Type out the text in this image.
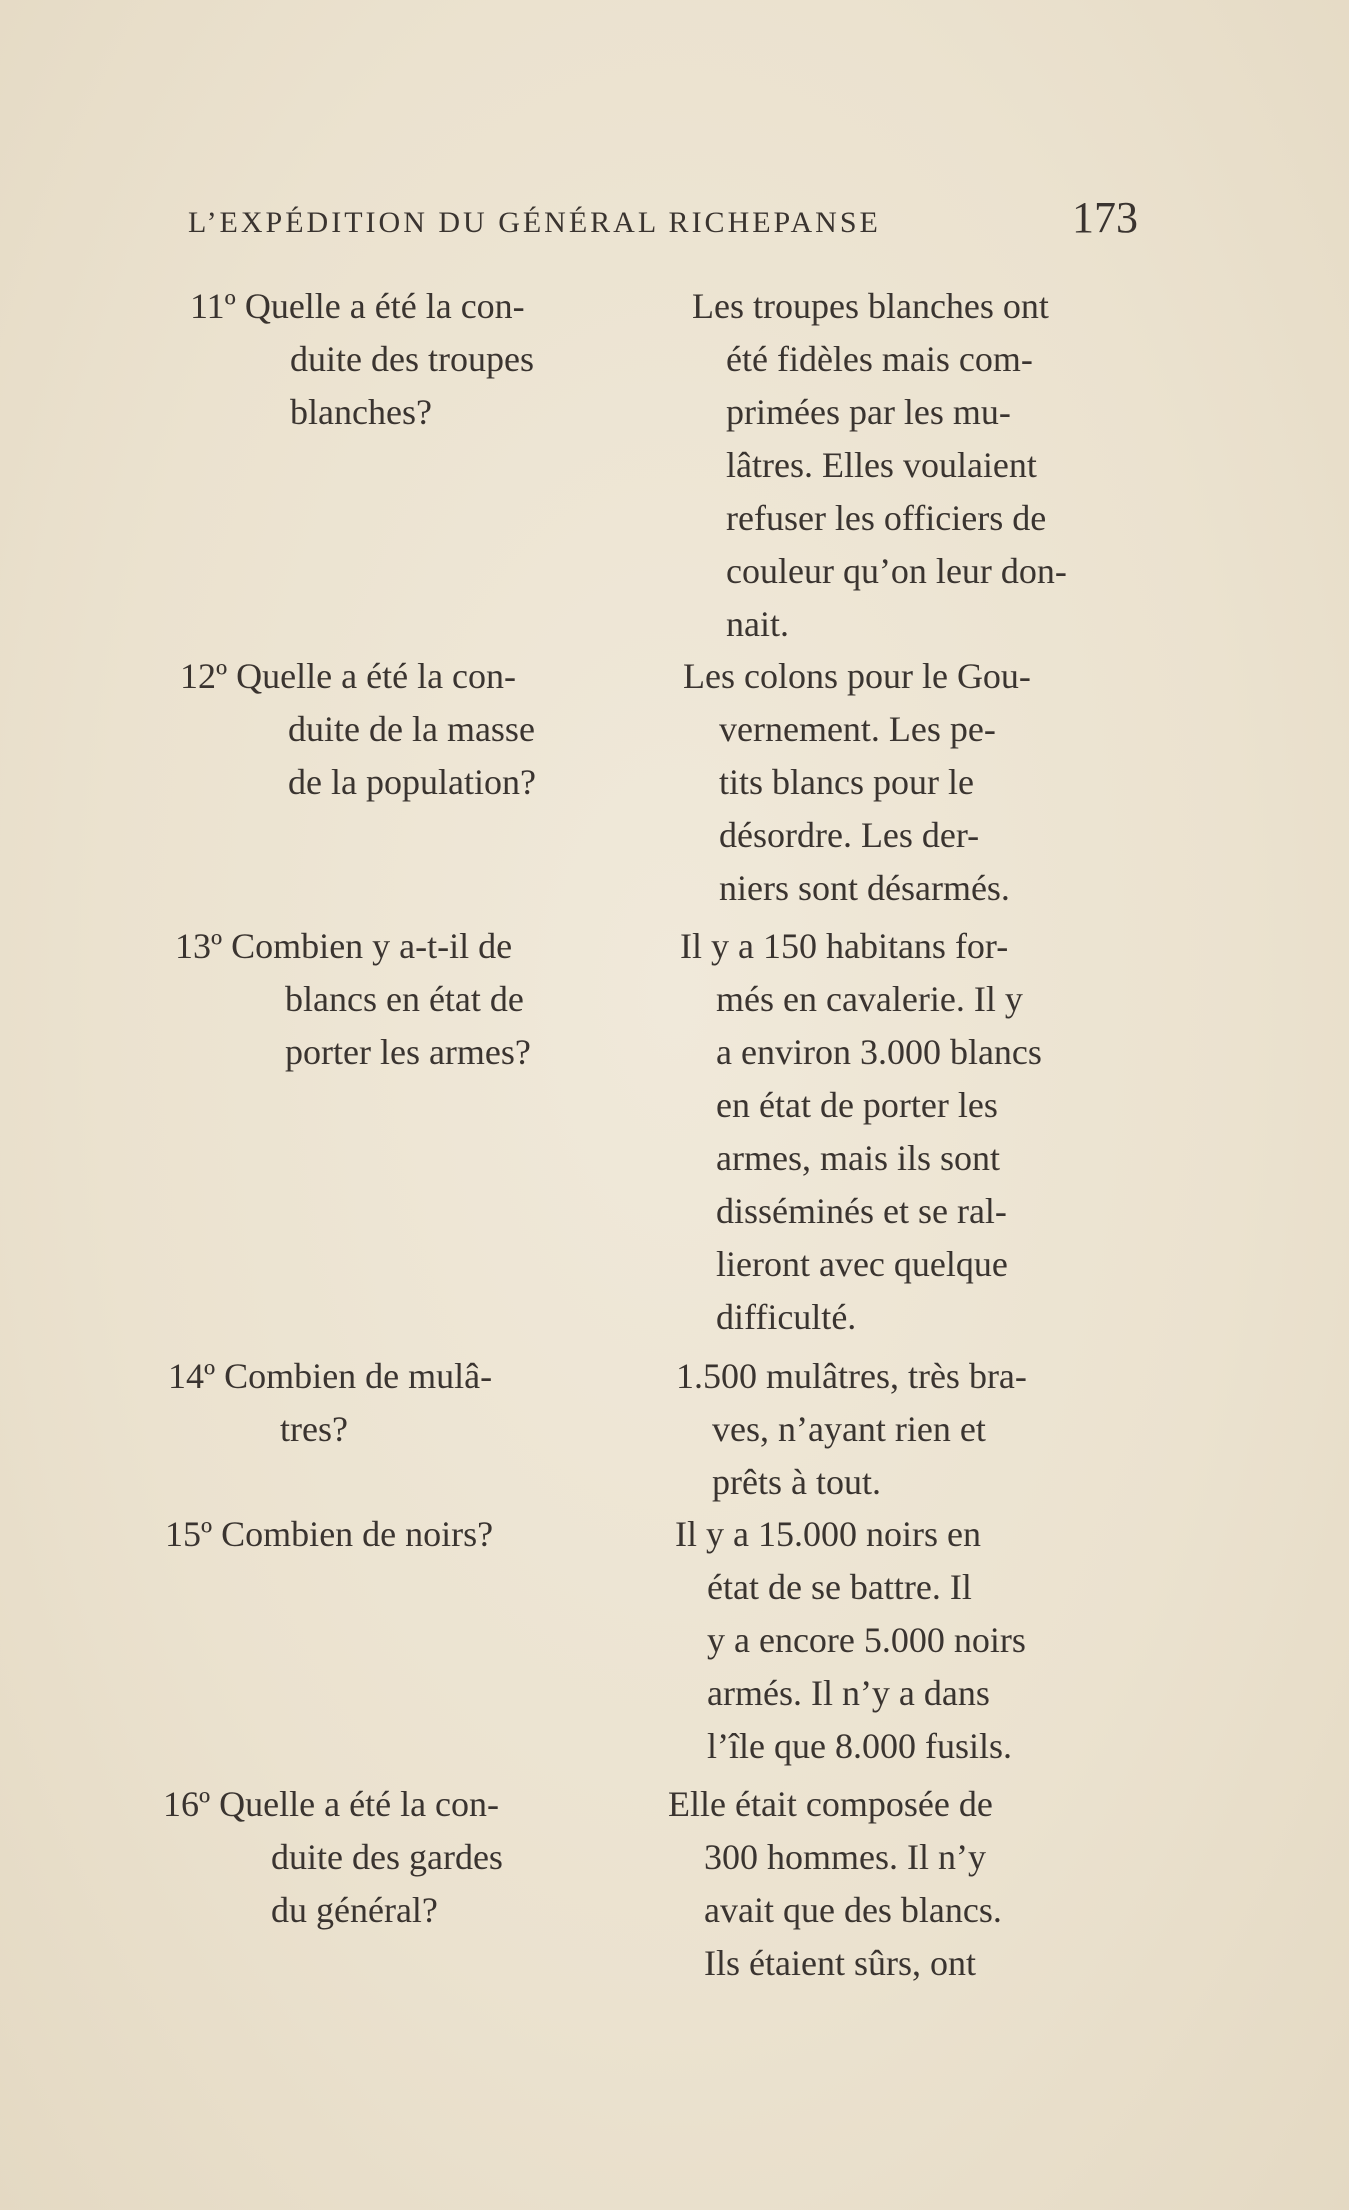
L’EXPÉDITION DU GÉNÉRAL RICHEPANSE	173
11º Quelle a été la con-
duite des troupes
blanches?
Les troupes blanches ont
été fidèles mais com-
primées par les mu-
lâtres. Elles voulaient
refuser les officiers de
couleur qu’on leur don-
nait.
12º Quelle a été la con-
duite de la masse
de la population?
Les colons pour le Gou-
vernement. Les pe-
tits blancs pour le
désordre. Les der-
niers sont désarmés.
13º Combien y a-t-il de
blancs en état de
porter les armes?
Il y a 150 habitans for-
més en cavalerie. Il y
a environ 3.000 blancs
en état de porter les
armes, mais ils sont
disséminés et se ral-
lieront avec quelque
difficulté.
14º Combien de mulâ-
tres?
1.500 mulâtres, très bra-
ves, n’ayant rien et
prêts à tout.
15º Combien de noirs?	Il y a 15.000 noirs en
état de se battre. Il
y a encore 5.000 noirs
armés. Il n’y a dans
l’île que 8.000 fusils.
16º Quelle a été la con-
duite des gardes
du général?
Elle était composée de
300 hommes. Il n’y
avait que des blancs.
Ils étaient sûrs, ont
